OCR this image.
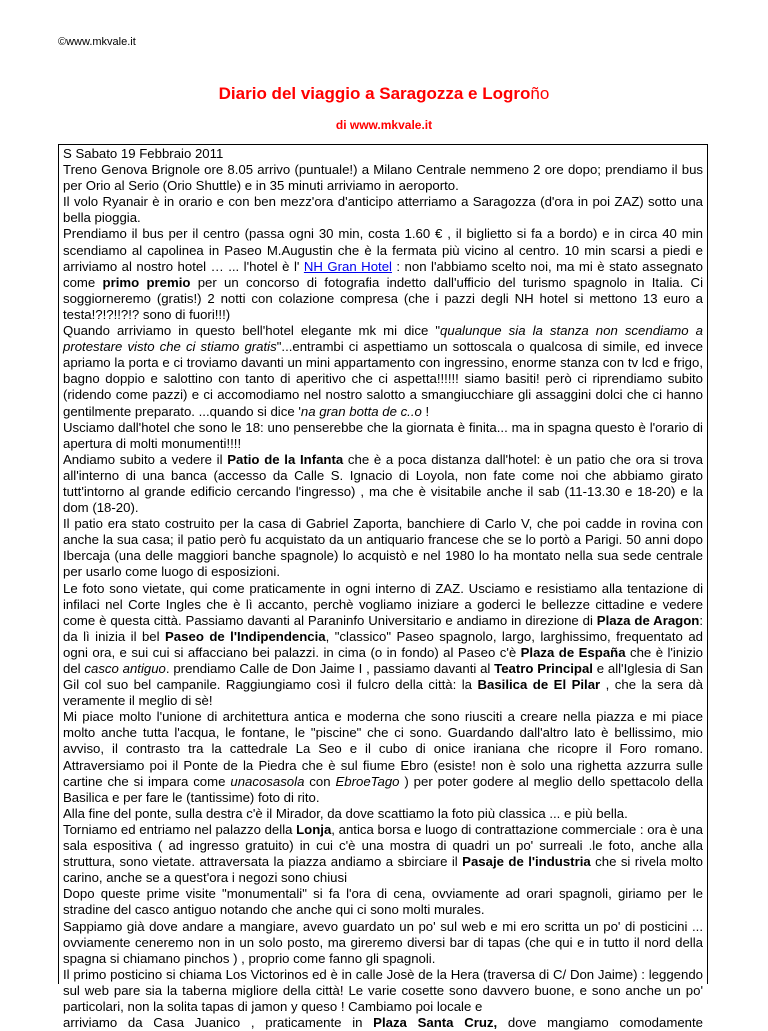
©www.mkvale.it
Diario del viaggio a Saragozza e Logroño
di www.mkvale.it

S Sabato 19 Febbraio 2011

Treno Genova Brignole ore 8.05 arrivo (puntuale!) a Milano Centrale nemmeno 2 ore dopo; prendiamo il bus per Orio al Serio (Orio Shuttle) e in 35 minuti arriviamo in aeroporto.

Il volo Ryanair è in orario e con ben mezz'ora d'anticipo atterriamo a Saragozza (d'ora in poi ZAZ) sotto una bella pioggia.

Prendiamo il bus per il centro (passa ogni 30 min, costa 1.60 € , il biglietto si fa a bordo) e in circa 40 min scendiamo al capolinea in Paseo M.Augustin che è la fermata più vicino al centro. 10 min scarsi a piedi e arriviamo al nostro hotel … ... l'hotel è l' NH Gran Hotel : non l'abbiamo scelto noi, ma mi è stato assegnato come primo premio per un concorso di fotografia indetto dall'ufficio del turismo spagnolo in Italia. Ci soggiorneremo (gratis!) 2 notti con colazione compresa (che i pazzi degli NH hotel si mettono 13 euro a testa!?!?!!?!? sono di fuori!!!)

Quando arriviamo in questo bell'hotel elegante mk mi dice "qualunque sia la stanza non scendiamo a protestare visto che ci stiamo gratis"...entrambi ci aspettiamo un sottoscala o qualcosa di simile, ed invece apriamo la porta e ci troviamo davanti un mini appartamento con ingressino, enorme stanza con tv lcd e frigo, bagno doppio e salottino con tanto di aperitivo che ci aspetta!!!!!! siamo basiti! però ci riprendiamo subito (ridendo come pazzi) e ci accomodiamo nel nostro salotto a smangiucchiare gli assaggini dolci che ci hanno gentilmente preparato. ...quando si dice 'na gran botta de c..o !

Usciamo dall'hotel che sono le 18: uno penserebbe che la giornata è finita... ma in spagna questo è l'orario di apertura di molti monumenti!!!!

Andiamo subito a vedere il Patio de la Infanta che è a poca distanza dall'hotel: è un patio che ora si trova all'interno di una banca (accesso da Calle S. Ignacio di Loyola, non fate come noi che abbiamo girato tutt'intorno al grande edificio cercando l'ingresso) , ma che è visitabile anche il sab (11-13.30 e 18-20) e la dom (18-20).

Il patio era stato costruito per la casa di Gabriel Zaporta, banchiere di Carlo V, che poi cadde in rovina con anche la sua casa; il patio però fu acquistato da un antiquario francese che se lo portò a Parigi. 50 anni dopo Ibercaja (una delle maggiori banche spagnole) lo acquistò e nel 1980 lo ha montato nella sua sede centrale per usarlo come luogo di esposizioni.

Le foto sono vietate, qui come praticamente in ogni interno di ZAZ. Usciamo e resistiamo alla tentazione di infilaci nel Corte Ingles che è lì accanto, perchè vogliamo iniziare a goderci le bellezze cittadine e vedere come è questa città. Passiamo davanti al Paraninfo Universitario e andiamo in direzione di Plaza de Aragon: da lì inizia il bel Paseo de l'Indipendencia, "classico" Paseo spagnolo, largo, larghissimo, frequentato ad ogni ora, e sui cui si affacciano bei palazzi. in cima (o in fondo) al Paseo c'è Plaza de España che è l'inizio del casco antiguo. prendiamo Calle de Don Jaime I , passiamo davanti al Teatro Principal e all'Iglesia di San Gil col suo bel campanile. Raggiungiamo così il fulcro della città: la Basilica de El Pilar , che la sera dà veramente il meglio di sè!

Mi piace molto l'unione di architettura antica e moderna che sono riusciti a creare nella piazza e mi piace molto anche tutta l'acqua, le fontane, le "piscine" che ci sono. Guardando dall'altro lato è bellissimo, mio avviso, il contrasto tra la cattedrale La Seo e il cubo di onice iraniana che ricopre il Foro romano. Attraversiamo poi il Ponte de la Piedra che è sul fiume Ebro (esiste! non è solo una righetta azzurra sulle cartine che si impara come unacosasola con EbroeTago ) per poter godere al meglio dello spettacolo della Basilica e per fare le (tantissime) foto di rito.

Alla fine del ponte, sulla destra c'è il Mirador, da dove scattiamo la foto più classica ... e più bella.

Torniamo ed entriamo nel palazzo della Lonja, antica borsa e luogo di contrattazione commerciale : ora è una sala espositiva ( ad ingresso gratuito) in cui c'è una mostra di quadri un po' surreali .le foto, anche alla struttura, sono vietate. attraversata la piazza andiamo a sbirciare il Pasaje de l'industria che si rivela molto carino, anche se a quest'ora i negozi sono chiusi

Dopo queste prime visite "monumentali" si fa l'ora di cena, ovviamente ad orari spagnoli, giriamo per le stradine del casco antiguo notando che anche qui ci sono molti murales.

Sappiamo già dove andare a mangiare, avevo guardato un po' sul web e mi ero scritta un po' di posticini ... ovviamente ceneremo non in un solo posto, ma gireremo diversi bar di tapas (che qui e in tutto il nord della spagna si chiamano pinchos ) , proprio come fanno gli spagnoli.

Il primo posticino si chiama Los Victorinos ed è in calle Josè de la Hera (traversa di C/ Don Jaime) : leggendo sul web pare sia la taberna migliore della città! Le varie cosette sono davvero buone, e sono anche un po' particolari, non la solita tapas di jamon y queso ! Cambiamo poi locale e

arriviamo da Casa Juanico , praticamente in Plaza Santa Cruz, dove mangiamo comodamente
